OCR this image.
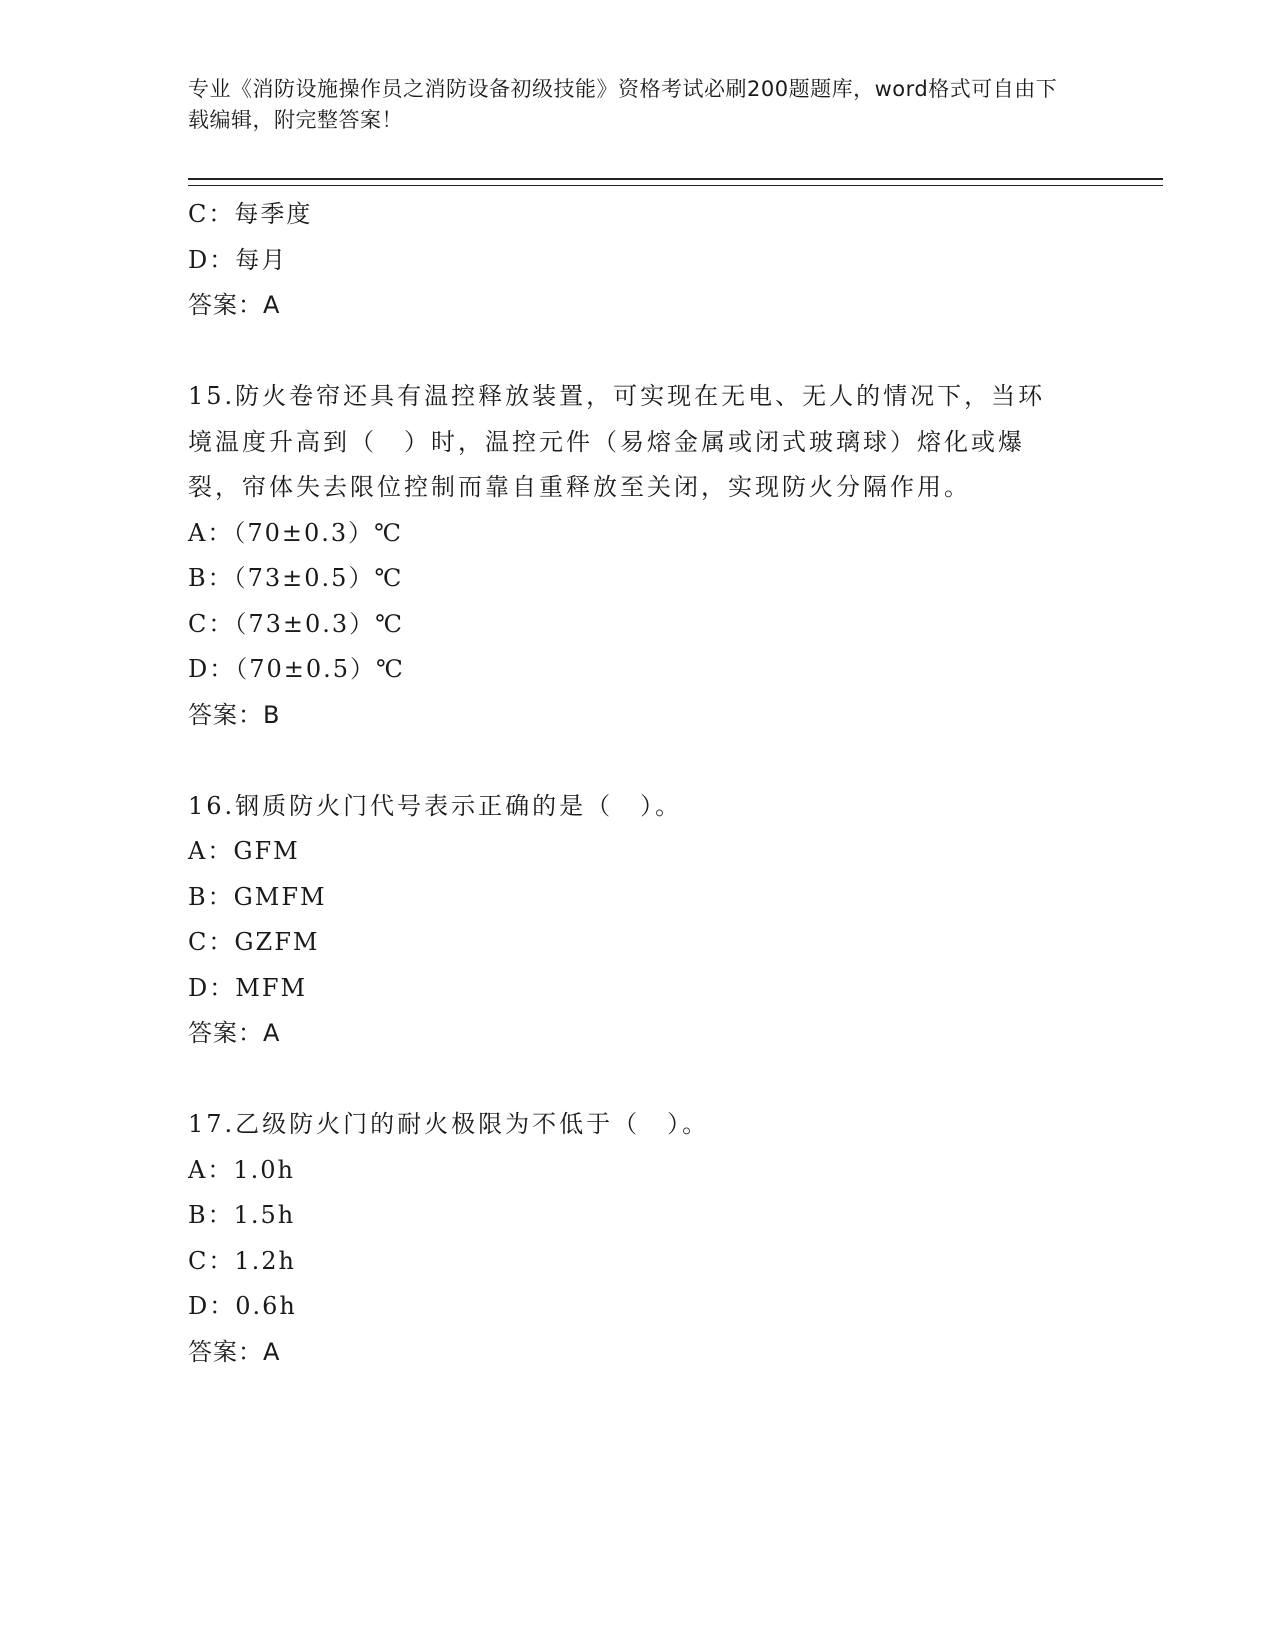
专业《消防设施操作员之消防设备初级技能》资格考试必刷200题题库，word格式可自由下载编辑，附完整答案！
C：每季度
D：每月
答案：A
15.防火卷帘还具有温控释放装置，可实现在无电、无人的情况下，当环境温度升高到（　）时，温控元件（易熔金属或闭式玻璃球）熔化或爆裂，帘体失去限位控制而靠自重释放至关闭，实现防火分隔作用。
A：（70±0.3）℃
B：（73±0.5）℃
C：（73±0.3）℃
D：（70±0.5）℃
答案：B
16.钢质防火门代号表示正确的是（　）。
A：GFM
B：GMFM
C：GZFM
D：MFM
答案：A
17.乙级防火门的耐火极限为不低于（　）。
A：1.0h
B：1.5h
C：1.2h
D：0.6h
答案：A
